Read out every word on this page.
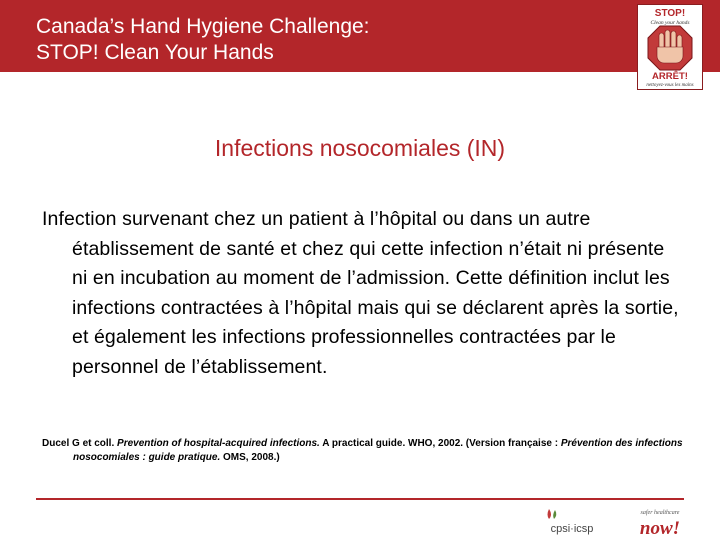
Canada’s Hand Hygiene Challenge:
STOP! Clean Your Hands
STOP!
Clean your hands
ARRÊT!
nettoyez-vous les mains
Infections nosocomiales (IN)
Infection survenant chez un patient à l’hôpital ou dans un autre établissement de santé et chez qui cette infection n’était ni présente ni en incubation au moment de l’admission. Cette définition inclut les infections contractées à l’hôpital mais qui se déclarent après la sortie, et également les infections professionnelles contractées par le personnel de l’établissement.
Ducel G et coll. Prevention of hospital-acquired infections. A practical guide. WHO, 2002. (Version française : Prévention des infections nosocomiales : guide pratique. OMS, 2008.)
cpsi·icsp
safer healthcare
now!
